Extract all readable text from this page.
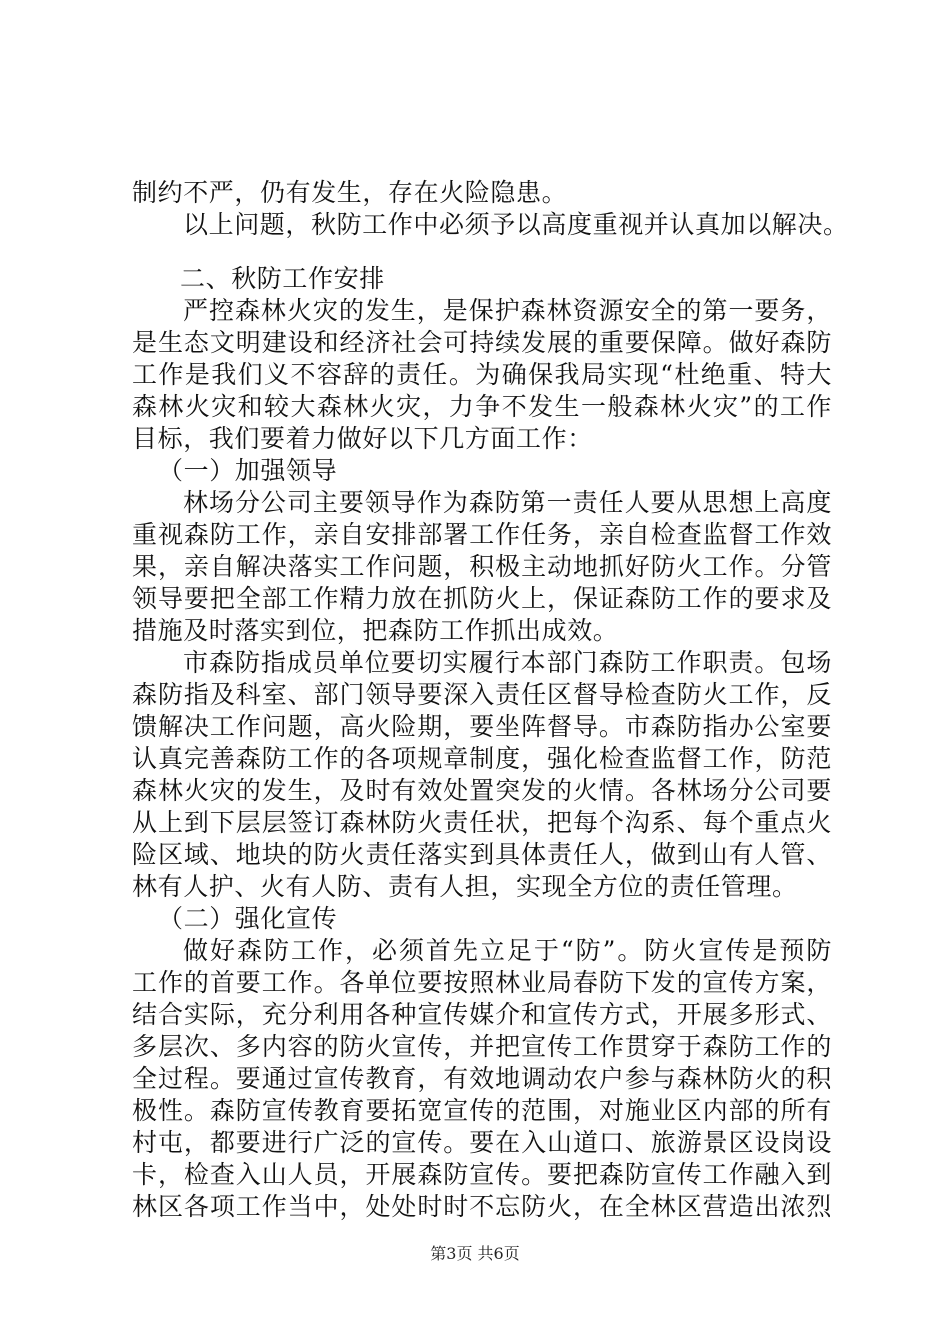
制约不严，仍有发生，存在火险隐患。
以上问题，秋防工作中必须予以高度重视并认真加以解决。
二、秋防工作安排
严控森林火灾的发生，是保护森林资源安全的第一要务，
是生态文明建设和经济社会可持续发展的重要保障。做好森防
工作是我们义不容辞的责任。为确保我局实现“杜绝重、特大
森林火灾和较大森林火灾，力争不发生一般森林火灾”的工作
目标，我们要着力做好以下几方面工作：
（一）加强领导
林场分公司主要领导作为森防第一责任人要从思想上高度
重视森防工作，亲自安排部署工作任务，亲自检查监督工作效
果，亲自解决落实工作问题，积极主动地抓好防火工作。分管
领导要把全部工作精力放在抓防火上，保证森防工作的要求及
措施及时落实到位，把森防工作抓出成效。
市森防指成员单位要切实履行本部门森防工作职责。包场
森防指及科室、部门领导要深入责任区督导检查防火工作，反
馈解决工作问题，高火险期，要坐阵督导。市森防指办公室要
认真完善森防工作的各项规章制度，强化检查监督工作，防范
森林火灾的发生，及时有效处置突发的火情。各林场分公司要
从上到下层层签订森林防火责任状，把每个沟系、每个重点火
险区域、地块的防火责任落实到具体责任人，做到山有人管、
林有人护、火有人防、责有人担，实现全方位的责任管理。
（二）强化宣传
做好森防工作，必须首先立足于“防”。防火宣传是预防
工作的首要工作。各单位要按照林业局春防下发的宣传方案，
结合实际，充分利用各种宣传媒介和宣传方式，开展多形式、
多层次、多内容的防火宣传，并把宣传工作贯穿于森防工作的
全过程。要通过宣传教育，有效地调动农户参与森林防火的积
极性。森防宣传教育要拓宽宣传的范围，对施业区内部的所有
村屯，都要进行广泛的宣传。要在入山道口、旅游景区设岗设
卡，检查入山人员，开展森防宣传。要把森防宣传工作融入到
林区各项工作当中，处处时时不忘防火，在全林区营造出浓烈
第3页 共6页
